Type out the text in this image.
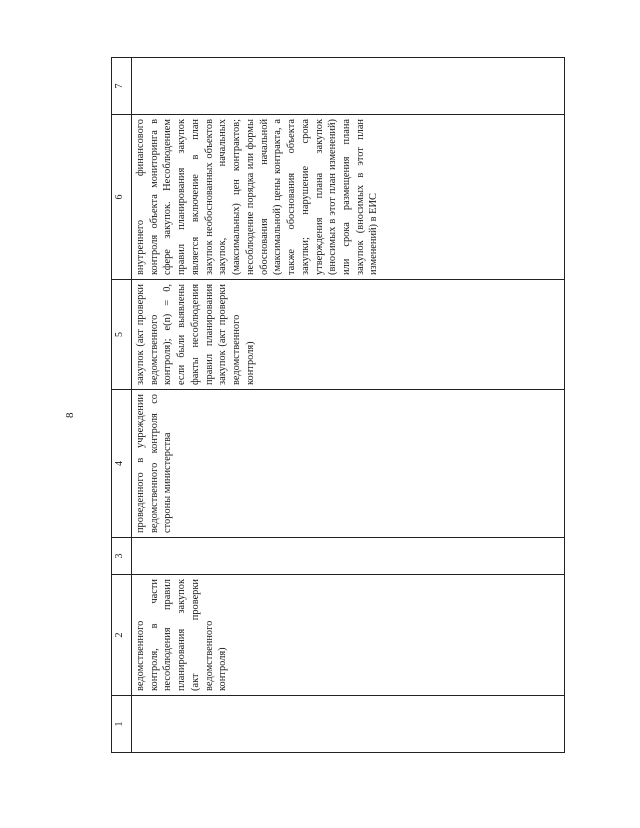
8
1	2	3	4	5	6	7
	ведомственного контроля, в части несоблюдения правил планирования закупок (акт проверки ведомственного контроля)		проведенного в учреждении ведомственного контроля со стороны министерства	закупок (акт проверки ведомственного контроля); e(n) = 0, если были выявлены факты несоблюдения правил планирования закупок (акт проверки ведомственного контроля)	внутреннего финансового контроля объекта мониторинга в сфере закупок. Несоблюдением правил планирования закупок является включение в план закупок необоснованных объектов закупок, начальных (максимальных) цен контрактов; несоблюдение порядка или формы обоснования начальной (максимальной) цены контракта, а также обоснования объекта закупки; нарушение срока утверждения плана закупок (вносимых в этот план изменений) или срока размещения плана закупок (вносимых в этот план изменений) в ЕИС	
